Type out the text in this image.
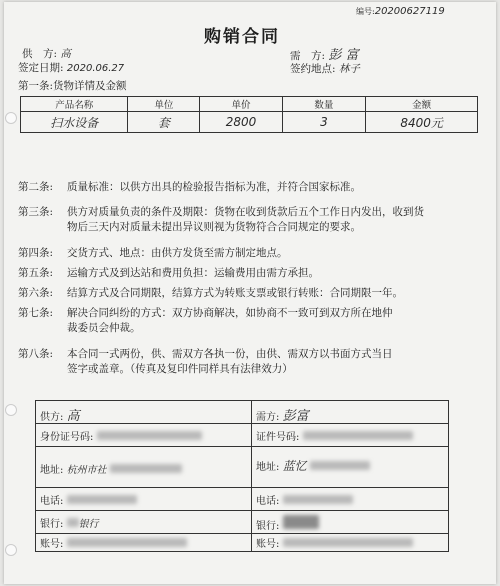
编号:20200627119
购销合同
供　方: 高	需　方: 彭 富
签定日期: 2020.06.27	签约地点: 林子
第一条:货物详情及金额
产品名称	单位	单价	数量	金额
扫水设备	套	2800	3	8400元
第二条: 质量标准：以供方出具的检验报告指标为准，并符合国家标准。
第三条: 供方对质量负责的条件及期限：货物在收到货款后五个工作日内发出，收到货
物后三天内对质量未提出异议则视为货物符合合同规定的要求。
第四条: 交货方式、地点：由供方发货至需方制定地点。
第五条: 运输方式及到达站和费用负担：运输费用由需方承担。
第六条: 结算方式及合同期限，结算方式为转账支票或银行转账：合同期限一年。
第七条: 解决合同纠纷的方式：双方协商解决，如协商不一致可到双方所在地仲
裁委员会仲裁。
第八条: 本合同一式两份，供、需双方各执一份，由供、需双方以书面方式当日
签字或盖章。（传真及复印件同样具有法律效力）
供方: 高	需方: 彭富
身份证号码:	证件号码:
地址: 杭州市社	地址: 蓝忆
电话:	电话:
银行: 银行	银行:
账号:	账号:
